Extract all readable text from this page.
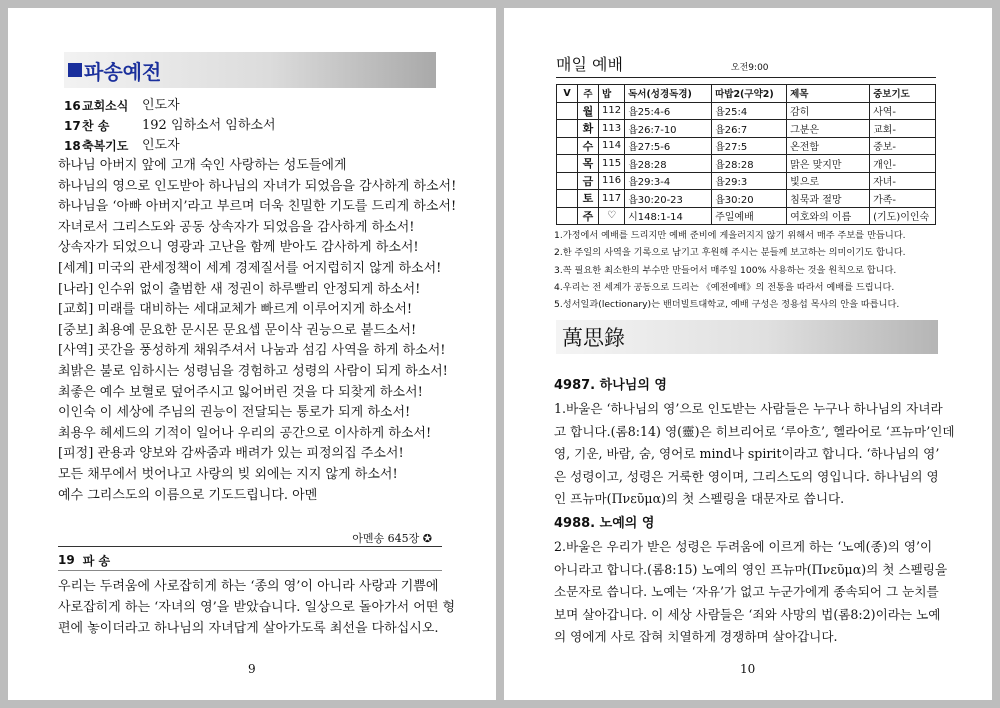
파송예전
16 교회소식	인도자
17 찬 송	192 임하소서 임하소서
18 축복기도	인도자
하나님 아버지 앞에 고개 숙인 사랑하는 성도들에게
하나님의 영으로 인도받아 하나님의 자녀가 되었음을 감사하게 하소서!
하나님을 ‘아빠 아버지’라고 부르며 더욱 친밀한 기도를 드리게 하소서!
자녀로서 그리스도와 공동 상속자가 되었음을 감사하게 하소서!
상속자가 되었으니 영광과 고난을 함께 받아도 감사하게 하소서!
[세계] 미국의 관세정책이 세계 경제질서를 어지럽히지 않게 하소서!
[나라] 인수위 없이 출범한 새 정권이 하루빨리 안정되게 하소서!
[교회] 미래를 대비하는 세대교체가 빠르게 이루어지게 하소서!
[중보] 최용예 문요한 문시몬 문요셉 문이삭 권능으로 붙드소서!
[사역] 곳간을 풍성하게 채워주셔서 나눔과 섬김 사역을 하게 하소서!
최밝은 불로 임하시는 성령님을 경험하고 성령의 사람이 되게 하소서!
최좋은 예수 보혈로 덮어주시고 잃어버린 것을 다 되찾게 하소서!
이인숙 이 세상에 주님의 권능이 전달되는 통로가 되게 하소서!
최용우 헤세드의 기적이 일어나 우리의 공간으로 이사하게 하소서!
[피정] 관용과 양보와 감싸줌과 배려가 있는 피정의집 주소서!
모든 채무에서 벗어나고 사랑의 빚 외에는 지지 않게 하소서!
예수 그리스도의 이름으로 기도드립니다. 아멘
아멘송 645장 ✪
19 파 송
우리는 두려움에 사로잡히게 하는 ‘종의 영’이 아니라 사랑과 기쁨에
사로잡히게 하는 ‘자녀의 영’을 받았습니다. 일상으로 돌아가서 어떤 형
편에 놓이더라고 하나님의 자녀답게 살아가도록 최선을 다하십시오.
9
매일 예배	오전9:00
V	주	밥	독서(성경독경)	따밥2(구약2)	제목	중보기도
	월	112	욥25:4-6	욥25:4	감히	사역-
	화	113	욥26:7-10	욥26:7	그분은	교회-
	수	114	욥27:5-6	욥27:5	온전함	중보-
	목	115	욥28:28	욥28:28	맑은 맞지만	개인-
	금	116	욥29:3-4	욥29:3	빛으로	자녀-
	토	117	욥30:20-23	욥30:20	침묵과 절망	가족-
	주	♡	시148:1-14	주일예배	여호와의 이름	(기도)이인숙
1.가정에서 예배를 드리지만 예배 준비에 게을러지지 않기 위해서 매주 주보를 만듭니다.
2.한 주일의 사역을 기록으로 남기고 후원해 주시는 분들께 보고하는 의미이기도 합니다.
3.꼭 필요한 최소한의 부수만 만들어서 매주일 100% 사용하는 것을 원칙으로 합니다.
4.우리는 전 세계가 공동으로 드리는 《예전예배》의 전통을 따라서 예배를 드립니다.
5.성서일과(lectionary)는 밴더빌트대학교, 예배 구성은 정용섭 목사의 안을 따릅니다.
萬思錄
4987. 하나님의 영
1.바울은 ‘하나님의 영’으로 인도받는 사람들은 누구나 하나님의 자녀라
고 합니다.(롬8:14) 영(靈)은 히브리어로 ‘루아흐’, 헬라어로 ‘프뉴마’인데
영, 기운, 바람, 숨, 영어로 mind나 spirit이라고 합니다. ‘하나님의 영’
은 성령이고, 성령은 거룩한 영이며, 그리스도의 영입니다. 하나님의 영
인 프뉴마(Πνεῦμα)의 첫 스펠링을 대문자로 씁니다.
4988. 노예의 영
2.바울은 우리가 받은 성령은 두려움에 이르게 하는 ‘노예(종)의 영’이
아니라고 합니다.(롬8:15) 노예의 영인 프뉴마(Πνεῦμα)의 첫 스펠링을
소문자로 씁니다. 노예는 ‘자유’가 없고 누군가에게 종속되어 그 눈치를
보며 살아갑니다. 이 세상 사람들은 ‘죄와 사망의 법(롬8:2)이라는 노예
의 영에게 사로 잡혀 치열하게 경쟁하며 살아갑니다.
10
